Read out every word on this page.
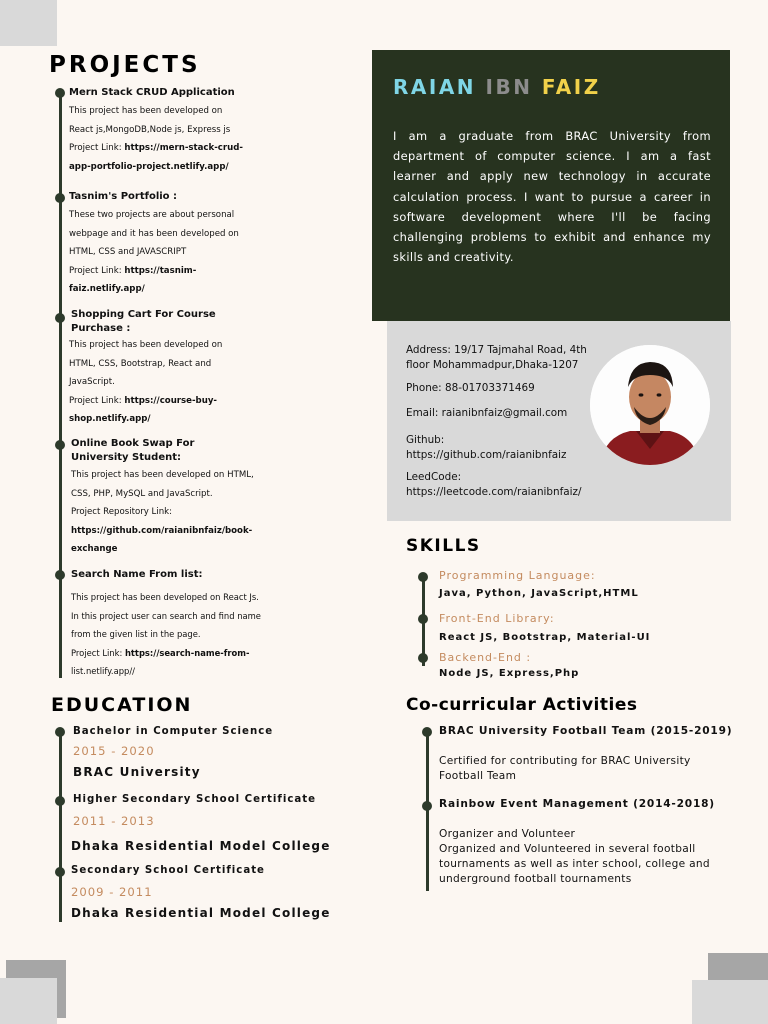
PROJECTS

Mern Stack CRUD Application

This project has been developed on
React js,MongoDB,Node js, Express js
Project Link: https://mern-stack-crud-
app-portfolio-project.netlify.app/

Tasnim's Portfolio :

These two projects are about personal
webpage and it has been developed on
HTML, CSS and JAVASCRIPT
Project Link: https://tasnim-
faiz.netlify.app/

Shopping Cart For Course
Purchase :

This project has been developed on
HTML, CSS, Bootstrap, React and
JavaScript.
Project Link: https://course-buy-
shop.netlify.app/

Online Book Swap For
University Student:

This project has been developed on HTML,
CSS, PHP, MySQL and JavaScript.
Project Repository Link:
https://github.com/raianibnfaiz/book-
exchange

Search Name From list:

This project has been developed on React Js.
In this project user can search and find name
from the given list in the page.
Project Link: https://search-name-from-
list.netlify.app//

EDUCATION

Bachelor in Computer Science

2015 - 2020

BRAC University

Higher Secondary School Certificate

2011 - 2013

Dhaka Residential Model College

Secondary School Certificate

2009 - 2011

Dhaka Residential Model College

RAIAN IBN FAIZ

I am a graduate from BRAC University from department of computer science. I am a fast learner and apply new technology in accurate calculation process. I want to pursue a career in software development where I'll be facing challenging problems to exhibit and enhance my skills and creativity.

Address: 19/17 Tajmahal Road, 4th
floor Mohammadpur,Dhaka-1207

Phone: 88-01703371469

Email: raianibnfaiz@gmail.com

Github:
https://github.com/raianibnfaiz

LeedCode:
https://leetcode.com/raianibnfaiz/

SKILLS

Programming Language:

Java, Python, JavaScript,HTML

Front-End Library:

React JS, Bootstrap, Material-UI

Backend-End :

Node JS, Express,Php

Co-curricular Activities

BRAC University Football Team (2015-2019)

Certified for contributing for BRAC University
Football Team

Rainbow Event Management (2014-2018)

Organizer and Volunteer
Organized and Volunteered in several football
tournaments as well as inter school, college and
underground football tournaments
